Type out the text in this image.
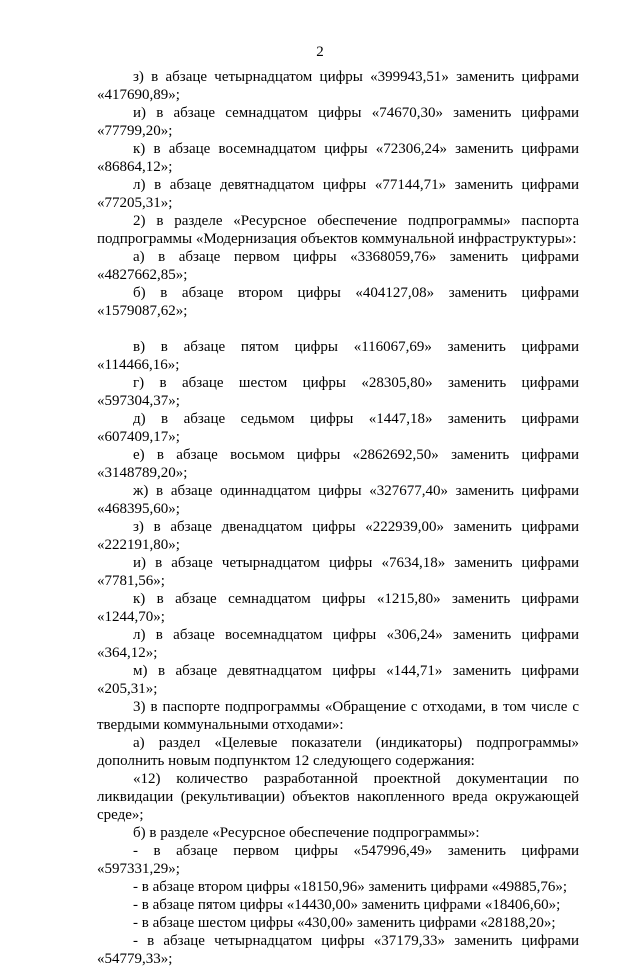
2

з) в абзаце четырнадцатом цифры «399943,51» заменить цифрами «417690,89»;

и) в абзаце семнадцатом цифры «74670,30» заменить цифрами «77799,20»;

к) в абзаце восемнадцатом цифры «72306,24» заменить цифрами «86864,12»;

л) в абзаце девятнадцатом цифры «77144,71» заменить цифрами «77205,31»;

2) в разделе «Ресурсное обеспечение подпрограммы» паспорта подпрограммы «Модернизация объектов коммунальной инфраструктуры»:

а) в абзаце первом цифры «3368059,76» заменить цифрами «4827662,85»;

б) в абзаце втором цифры «404127,08» заменить цифрами «1579087,62»;

в) в абзаце пятом цифры «116067,69» заменить цифрами «114466,16»;

г) в абзаце шестом цифры «28305,80» заменить цифрами «597304,37»;

д) в абзаце седьмом цифры «1447,18» заменить цифрами «607409,17»;

е) в абзаце восьмом цифры «2862692,50» заменить цифрами «3148789,20»;

ж) в абзаце одиннадцатом цифры «327677,40» заменить цифрами «468395,60»;

з) в абзаце двенадцатом цифры «222939,00» заменить цифрами «222191,80»;

и) в абзаце четырнадцатом цифры «7634,18» заменить цифрами «7781,56»;

к) в абзаце семнадцатом цифры «1215,80» заменить цифрами «1244,70»;

л) в абзаце восемнадцатом цифры «306,24» заменить цифрами «364,12»;

м) в абзаце девятнадцатом цифры «144,71» заменить цифрами «205,31»;

3) в паспорте подпрограммы «Обращение с отходами, в том числе с твердыми коммунальными отходами»:

а) раздел «Целевые показатели (индикаторы) подпрограммы» дополнить новым подпунктом 12 следующего содержания:

«12) количество разработанной проектной документации по ликвидации (рекультивации) объектов накопленного вреда окружающей среде»;

б) в разделе «Ресурсное обеспечение подпрограммы»:

- в абзаце первом цифры «547996,49» заменить цифрами «597331,29»;

- в абзаце втором цифры «18150,96» заменить цифрами «49885,76»;

- в абзаце пятом цифры «14430,00» заменить цифрами «18406,60»;

- в абзаце шестом цифры «430,00» заменить цифрами «28188,20»;

- в абзаце четырнадцатом цифры «37179,33» заменить цифрами «54779,33»;
